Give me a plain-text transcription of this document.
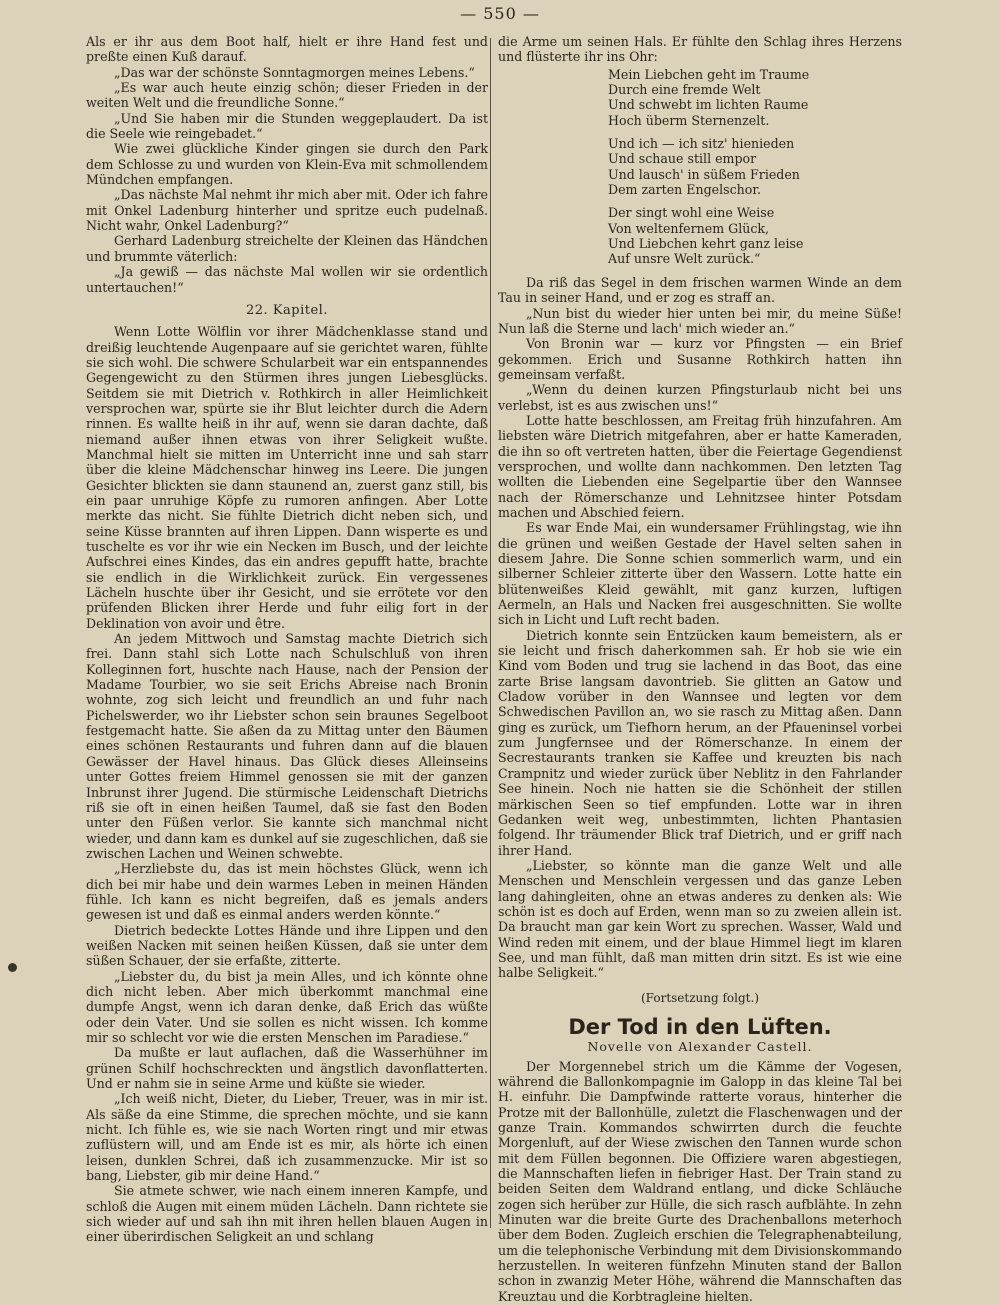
— 550 —

Als er ihr aus dem Boot half, hielt er ihre Hand fest und preßte einen Kuß darauf.

„Das war der schönste Sonntagmorgen meines Lebens.“

„Es war auch heute einzig schön; dieser Frieden in der weiten Welt und die freundliche Sonne.“

„Und Sie haben mir die Stunden weggeplaudert. Da ist die Seele wie reingebadet.“

Wie zwei glückliche Kinder gingen sie durch den Park dem Schlosse zu und wurden von Klein-Eva mit schmollendem Mündchen empfangen.

„Das nächste Mal nehmt ihr mich aber mit. Oder ich fahre mit Onkel Ladenburg hinterher und spritze euch pudelnaß. Nicht wahr, Onkel Ladenburg?“

Gerhard Ladenburg streichelte der Kleinen das Händchen und brummte väterlich:

„Ja gewiß — das nächste Mal wollen wir sie ordentlich untertauchen!“

22. Kapitel.

Wenn Lotte Wölflin vor ihrer Mädchenklasse stand und dreißig leuchtende Augenpaare auf sie gerichtet waren, fühlte sie sich wohl. Die schwere Schularbeit war ein entspannendes Gegengewicht zu den Stürmen ihres jungen Liebesglücks. Seitdem sie mit Dietrich v. Rothkirch in aller Heimlichkeit versprochen war, spürte sie ihr Blut leichter durch die Adern rinnen. Es wallte heiß in ihr auf, wenn sie daran dachte, daß niemand außer ihnen etwas von ihrer Seligkeit wußte. Manchmal hielt sie mitten im Unterricht inne und sah starr über die kleine Mädchenschar hinweg ins Leere. Die jungen Gesichter blickten sie dann staunend an, zuerst ganz still, bis ein paar unruhige Köpfe zu rumoren anfingen. Aber Lotte merkte das nicht. Sie fühlte Dietrich dicht neben sich, und seine Küsse brannten auf ihren Lippen. Dann wisperte es und tuschelte es vor ihr wie ein Necken im Busch, und der leichte Aufschrei eines Kindes, das ein andres gepufft hatte, brachte sie endlich in die Wirklichkeit zurück. Ein vergessenes Lächeln huschte über ihr Gesicht, und sie errötete vor den prüfenden Blicken ihrer Herde und fuhr eilig fort in der Deklination von avoir und être.

An jedem Mittwoch und Samstag machte Dietrich sich frei. Dann stahl sich Lotte nach Schulschluß von ihren Kolleginnen fort, huschte nach Hause, nach der Pension der Madame Tourbier, wo sie seit Erichs Abreise nach Bronin wohnte, zog sich leicht und freundlich an und fuhr nach Pichelswerder, wo ihr Liebster schon sein braunes Segelboot festgemacht hatte. Sie aßen da zu Mittag unter den Bäumen eines schönen Restaurants und fuhren dann auf die blauen Gewässer der Havel hinaus. Das Glück dieses Alleinseins unter Gottes freiem Himmel genossen sie mit der ganzen Inbrunst ihrer Jugend. Die stürmische Leidenschaft Dietrichs riß sie oft in einen heißen Taumel, daß sie fast den Boden unter den Füßen verlor. Sie kannte sich manchmal nicht wieder, und dann kam es dunkel auf sie zugeschlichen, daß sie zwischen Lachen und Weinen schwebte.

„Herzliebste du, das ist mein höchstes Glück, wenn ich dich bei mir habe und dein warmes Leben in meinen Händen fühle. Ich kann es nicht begreifen, daß es jemals anders gewesen ist und daß es einmal anders werden könnte.“

Dietrich bedeckte Lottes Hände und ihre Lippen und den weißen Nacken mit seinen heißen Küssen, daß sie unter dem süßen Schauer, der sie erfaßte, zitterte.

„Liebster du, du bist ja mein Alles, und ich könnte ohne dich nicht leben. Aber mich überkommt manchmal eine dumpfe Angst, wenn ich daran denke, daß Erich das wüßte oder dein Vater. Und sie sollen es nicht wissen. Ich komme mir so schlecht vor wie die ersten Menschen im Paradiese.“

Da mußte er laut auflachen, daß die Wasserhühner im grünen Schilf hochschreckten und ängstlich davonflatterten. Und er nahm sie in seine Arme und küßte sie wieder.

„Ich weiß nicht, Dieter, du Lieber, Treuer, was in mir ist. Als säße da eine Stimme, die sprechen möchte, und sie kann nicht. Ich fühle es, wie sie nach Worten ringt und mir etwas zuflüstern will, und am Ende ist es mir, als hörte ich einen leisen, dunklen Schrei, daß ich zusammenzucke. Mir ist so bang, Liebster, gib mir deine Hand.“

Sie atmete schwer, wie nach einem inneren Kampfe, und schloß die Augen mit einem müden Lächeln. Dann richtete sie sich wieder auf und sah ihn mit ihren hellen blauen Augen in einer überirdischen Seligkeit an und schlang

die Arme um seinen Hals. Er fühlte den Schlag ihres Herzens und flüsterte ihr ins Ohr:

Mein Liebchen geht im Traume
Durch eine fremde Welt
Und schwebt im lichten Raume
Hoch überm Sternenzelt.
Und ich — ich sitz' hienieden
Und schaue still empor
Und lausch' in süßem Frieden
Dem zarten Engelschor.
Der singt wohl eine Weise
Von weltenfernem Glück,
Und Liebchen kehrt ganz leise
Auf unsre Welt zurück.“

Da riß das Segel in dem frischen warmen Winde an dem Tau in seiner Hand, und er zog es straff an.

„Nun bist du wieder hier unten bei mir, du meine Süße! Nun laß die Sterne und lach' mich wieder an.“

Von Bronin war — kurz vor Pfingsten — ein Brief gekommen. Erich und Susanne Rothkirch hatten ihn gemeinsam verfaßt.

„Wenn du deinen kurzen Pfingsturlaub nicht bei uns verlebst, ist es aus zwischen uns!“

Lotte hatte beschlossen, am Freitag früh hinzufahren. Am liebsten wäre Dietrich mitgefahren, aber er hatte Kameraden, die ihn so oft vertreten hatten, über die Feiertage Gegendienst versprochen, und wollte dann nachkommen. Den letzten Tag wollten die Liebenden eine Segelpartie über den Wannsee nach der Römerschanze und Lehnitzsee hinter Potsdam machen und Abschied feiern.

Es war Ende Mai, ein wundersamer Frühlingstag, wie ihn die grünen und weißen Gestade der Havel selten sahen in diesem Jahre. Die Sonne schien sommerlich warm, und ein silberner Schleier zitterte über den Wassern. Lotte hatte ein blütenweißes Kleid gewählt, mit ganz kurzen, luftigen Aermeln, an Hals und Nacken frei ausgeschnitten. Sie wollte sich in Licht und Luft recht baden.

Dietrich konnte sein Entzücken kaum bemeistern, als er sie leicht und frisch daherkommen sah. Er hob sie wie ein Kind vom Boden und trug sie lachend in das Boot, das eine zarte Brise langsam davontrieb. Sie glitten an Gatow und Cladow vorüber in den Wannsee und legten vor dem Schwedischen Pavillon an, wo sie rasch zu Mittag aßen. Dann ging es zurück, um Tiefhorn herum, an der Pfaueninsel vorbei zum Jungfernsee und der Römerschanze. In einem der Secrestaurants tranken sie Kaffee und kreuzten bis nach Crampnitz und wieder zurück über Neblitz in den Fahrlander See hinein. Noch nie hatten sie die Schönheit der stillen märkischen Seen so tief empfunden. Lotte war in ihren Gedanken weit weg, unbestimmten, lichten Phantasien folgend. Ihr träumender Blick traf Dietrich, und er griff nach ihrer Hand.

„Liebster, so könnte man die ganze Welt und alle Menschen und Menschlein vergessen und das ganze Leben lang dahingleiten, ohne an etwas anderes zu denken als: Wie schön ist es doch auf Erden, wenn man so zu zweien allein ist. Da braucht man gar kein Wort zu sprechen. Wasser, Wald und Wind reden mit einem, und der blaue Himmel liegt im klaren See, und man fühlt, daß man mitten drin sitzt. Es ist wie eine halbe Seligkeit.“

(Fortsetzung folgt.)
Der Tod in den Lüften.
Novelle von Alexander Castell.

Der Morgennebel strich um die Kämme der Vogesen, während die Ballonkompagnie im Galopp in das kleine Tal bei H. einfuhr. Die Dampfwinde ratterte voraus, hinterher die Protze mit der Ballonhülle, zuletzt die Flaschenwagen und der ganze Train. Kommandos schwirrten durch die feuchte Morgenluft, auf der Wiese zwischen den Tannen wurde schon mit dem Füllen begonnen. Die Offiziere waren abgestiegen, die Mannschaften liefen in fiebriger Hast. Der Train stand zu beiden Seiten dem Waldrand entlang, und dicke Schläuche zogen sich herüber zur Hülle, die sich rasch aufblähte. In zehn Minuten war die breite Gurte des Drachenballons meterhoch über dem Boden. Zugleich erschien die Telegraphenabteilung, um die telephonische Verbindung mit dem Divisionskommando herzustellen. In weiteren fünfzehn Minuten stand der Ballon schon in zwanzig Meter Höhe, während die Mannschaften das Kreuztau und die Korbtragleine hielten.
